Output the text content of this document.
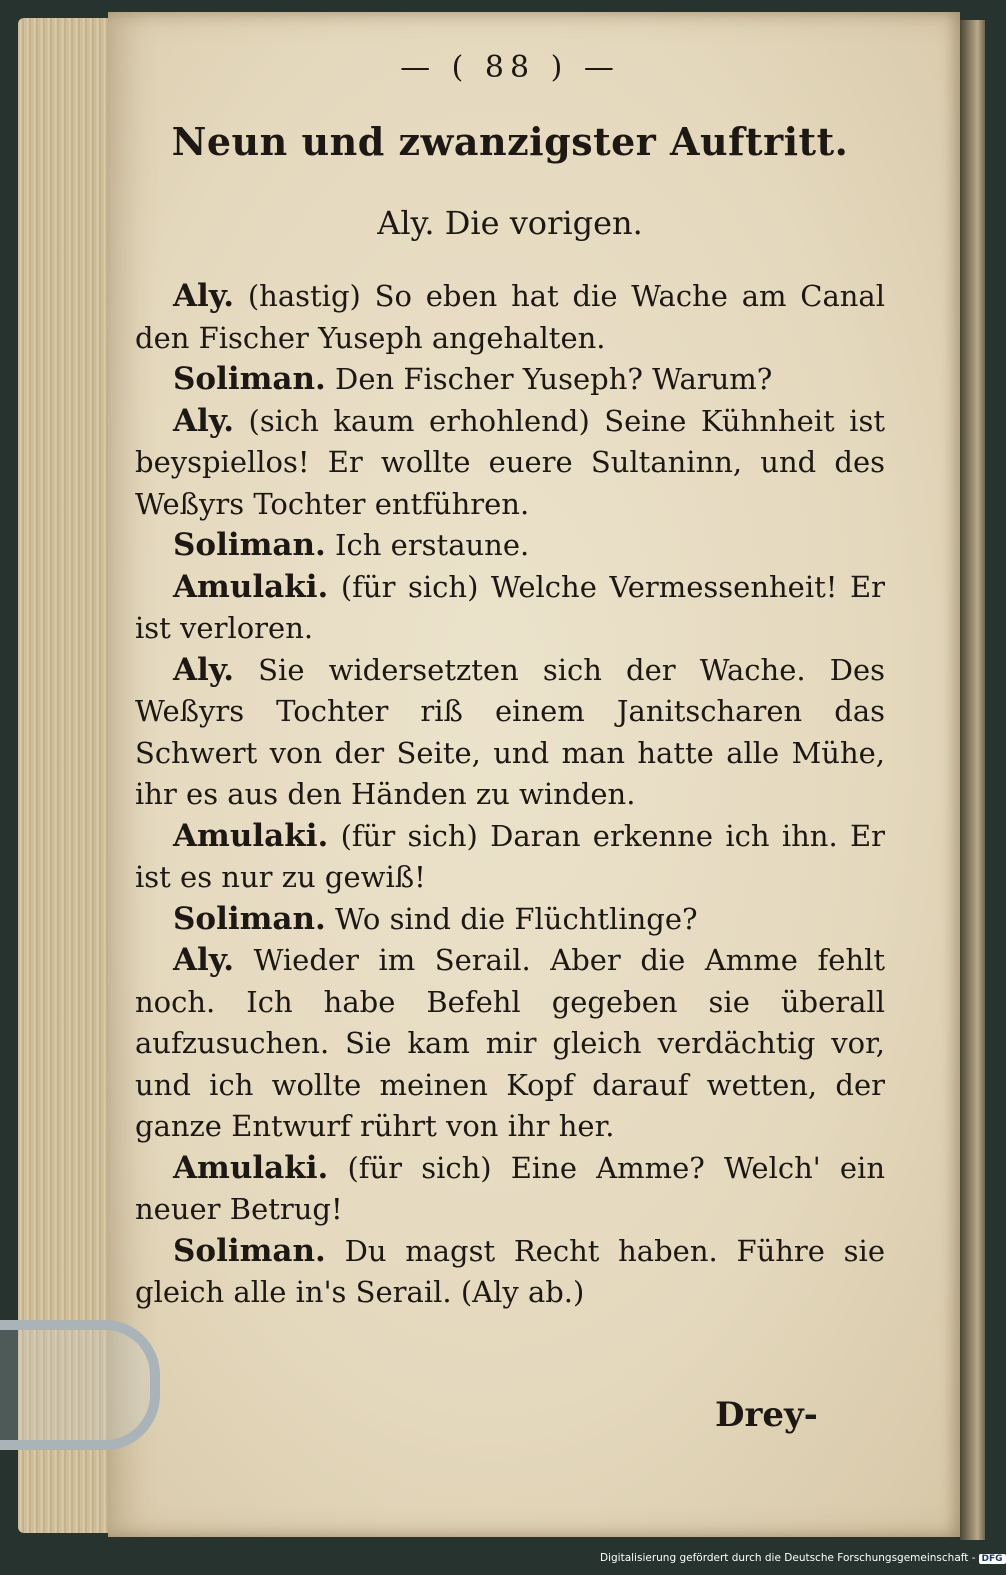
— ( 88 ) —
Neun und zwanzigster Auftritt.
Aly. Die vorigen.

Aly. (hastig) So eben hat die Wache am Canal den Fischer Yuseph angehalten.

Soliman. Den Fischer Yuseph? Warum?

Aly. (sich kaum erhohlend) Seine Kühnheit ist beyspiellos! Er wollte euere Sultaninn, und des Weßyrs Tochter entführen.

Soliman. Ich erstaune.

Amulaki. (für sich) Welche Vermessenheit! Er ist verloren.

Aly. Sie widersetzten sich der Wache. Des Weßyrs Tochter riß einem Janitscharen das Schwert von der Seite, und man hatte alle Mühe, ihr es aus den Händen zu winden.

Amulaki. (für sich) Daran erkenne ich ihn. Er ist es nur zu gewiß!

Soliman. Wo sind die Flüchtlinge?

Aly. Wieder im Serail. Aber die Amme fehlt noch. Ich habe Befehl gegeben sie überall aufzusuchen. Sie kam mir gleich verdächtig vor, und ich wollte meinen Kopf darauf wetten, der ganze Entwurf rührt von ihr her.

Amulaki. (für sich) Eine Amme? Welch' ein neuer Betrug!

Soliman. Du magst Recht haben. Führe sie gleich alle in's Serail. (Aly ab.)

Drey-
Digitalisierung gefördert durch die Deutsche Forschungsgemeinschaft - DFG
